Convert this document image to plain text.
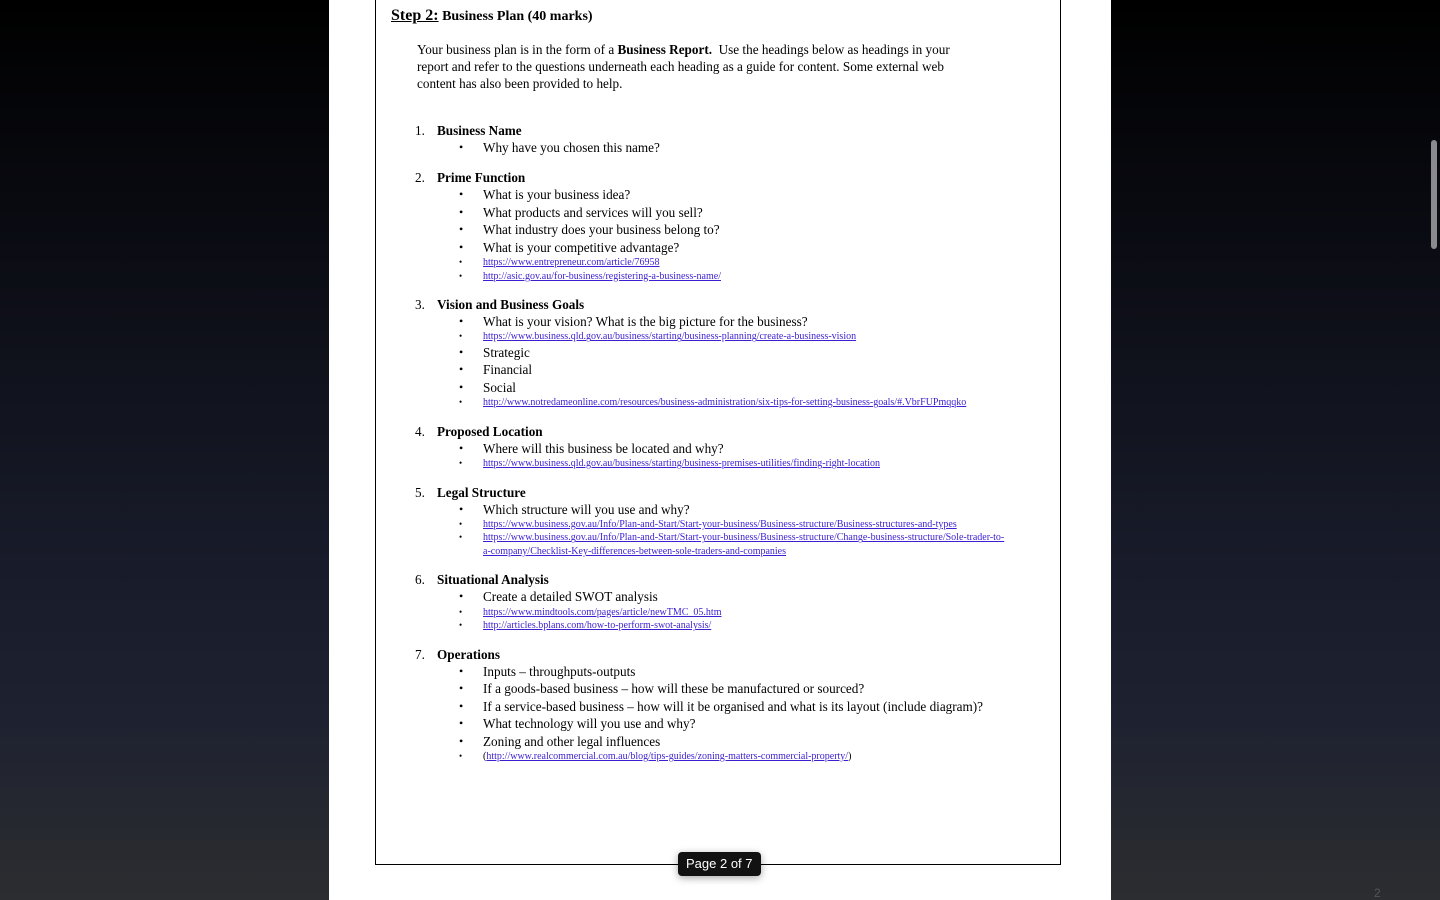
Step 2: Business Plan (40 marks)
Your business plan is in the form of a Business Report.  Use the headings below as headings in your report and refer to the questions underneath each heading as a guide for content. Some external web content has also been provided to help.
1. Business Name
• Why have you chosen this name?
2. Prime Function
• What is your business idea?
• What products and services will you sell?
• What industry does your business belong to?
• What is your competitive advantage?
• https://www.entrepreneur.com/article/76958
• http://asic.gov.au/for-business/registering-a-business-name/
3. Vision and Business Goals
• What is your vision? What is the big picture for the business?
• https://www.business.qld.gov.au/business/starting/business-planning/create-a-business-vision
• Strategic
• Financial
• Social
• http://www.notredameonline.com/resources/business-administration/six-tips-for-setting-business-goals/#.VbrFUPmqqko
4. Proposed Location
• Where will this business be located and why?
• https://www.business.qld.gov.au/business/starting/business-premises-utilities/finding-right-location
5. Legal Structure
• Which structure will you use and why?
• https://www.business.gov.au/Info/Plan-and-Start/Start-your-business/Business-structure/Business-structures-and-types
• https://www.business.gov.au/Info/Plan-and-Start/Start-your-business/Business-structure/Change-business-structure/Sole-trader-to-a-company/Checklist-Key-differences-between-sole-traders-and-companies
6. Situational Analysis
• Create a detailed SWOT analysis
• https://www.mindtools.com/pages/article/newTMC_05.htm
• http://articles.bplans.com/how-to-perform-swot-analysis/
7. Operations
• Inputs – throughputs-outputs
• If a goods-based business – how will these be manufactured or sourced?
• If a service-based business – how will it be organised and what is its layout (include diagram)?
• What technology will you use and why?
• Zoning and other legal influences
• (http://www.realcommercial.com.au/blog/tips-guides/zoning-matters-commercial-property/)
2
Page 2 of 7
